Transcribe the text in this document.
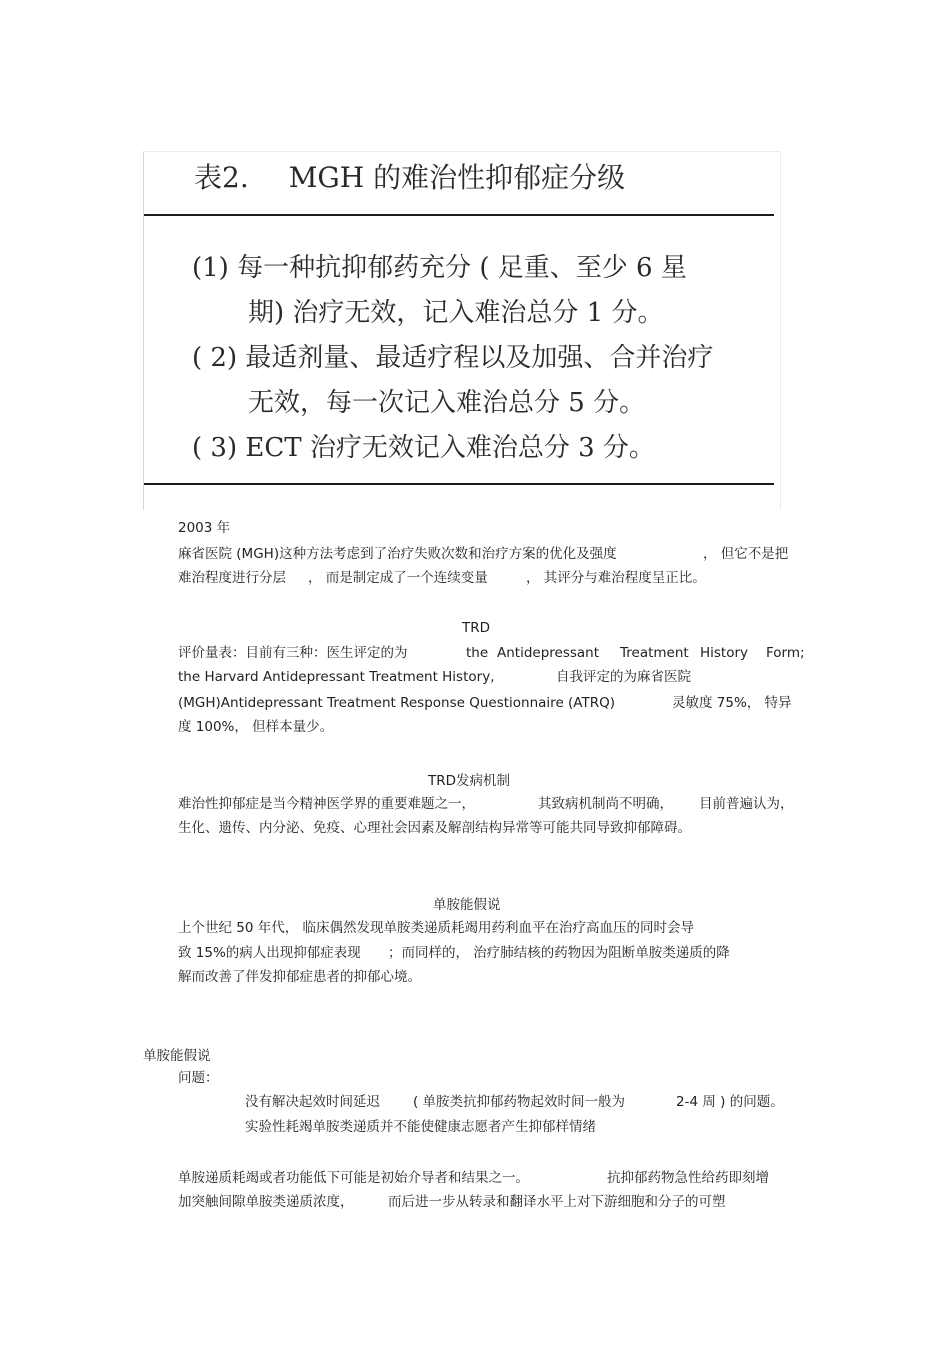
表2. MGH 的难治性抑郁症分级
(1) 每一种抗抑郁药充分 ( 足重、至少 6 星
期) 治疗无效，记入难治总分 1 分。
( 2) 最适剂量、最适疗程以及加强、合并治疗
无效，每一次记入难治总分 5 分。
( 3) ECT 治疗无效记入难治总分 3 分。
2003 年
麻省医院 (MGH)这种方法考虑到了治疗失败次数和治疗方案的优化及强度	， 但它不是把
难治程度进行分层 ， 而是制定成了一个连续变量	， 其评分与难治程度呈正比。
TRD
评价量表：目前有三种：医生评定的为	the Antidepressant Treatment History Form;
the Harvard Antidepressant Treatment History,	自我评定的为麻省医院
(MGH)Antidepressant Treatment Response Questionnaire (ATRQ)	灵敏度 75%， 特异
度 100%， 但样本量少。
TRD发病机制
难治性抑郁症是当今精神医学界的重要难题之一，	其致病机制尚不明确， 目前普遍认为，
生化、遗传、内分泌、免疫、心理社会因素及解剖结构异常等可能共同导致抑郁障碍。
单胺能假说
上个世纪 50 年代， 临床偶然发现单胺类递质耗竭用药利血平在治疗高血压的同时会导
致 15%的病人出现抑郁症表现 ；而同样的， 治疗肺结核的药物因为阻断单胺类递质的降
解而改善了伴发抑郁症患者的抑郁心境。
单胺能假说
问题：
没有解决起效时间延迟 ( 单胺类抗抑郁药物起效时间一般为	2-4 周 ) 的问题。
实验性耗竭单胺类递质并不能使健康志愿者产生抑郁样情绪
单胺递质耗竭或者功能低下可能是初始介导者和结果之一。	抗抑郁药物急性给药即刻增
加突触间隙单胺类递质浓度，	而后进一步从转录和翻译水平上对下游细胞和分子的可塑
